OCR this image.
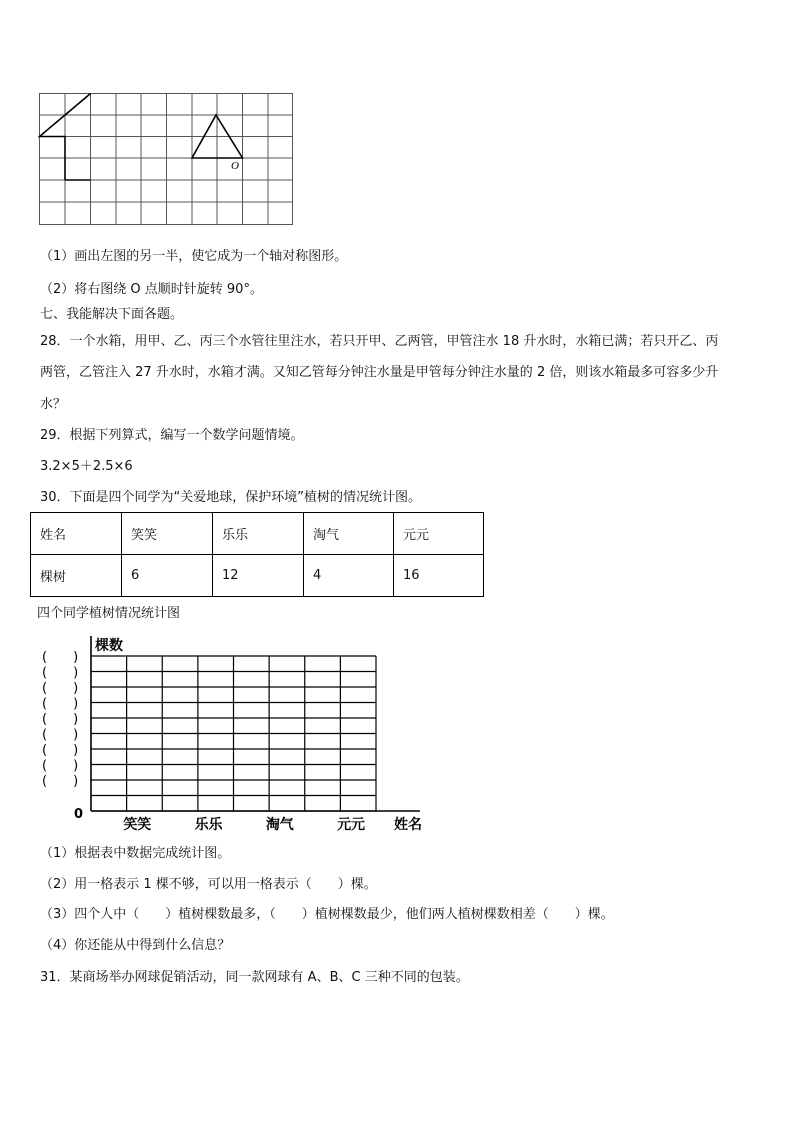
O
（1）画出左图的另一半，使它成为一个轴对称图形。
（2）将右图绕 O 点顺时针旋转 90°。
七、我能解决下面各题。
28．一个水箱，用甲、乙、丙三个水管往里注水，若只开甲、乙两管，甲管注水 18 升水时，水箱已满；若只开乙、丙
两管，乙管注入 27 升水时，水箱才满。又知乙管每分钟注水量是甲管每分钟注水量的 2 倍，则该水箱最多可容多少升
水？
29．根据下列算式，编写一个数学问题情境。
3.2×5＋2.5×6
30．下面是四个同学为“关爱地球，保护环境”植树的情况统计图。
姓名	笑笑	乐乐	淘气	元元
棵树	6	12	4	16
四个同学植树情况统计图
棵数
0
(　　)
(　　)
(　　)
(　　)
(　　)
(　　)
(　　)
(　　)
(　　)
笑笑	乐乐	淘气	元元 姓名
（1）根据表中数据完成统计图。
（2）用一格表示 1 棵不够，可以用一格表示（　　）棵。
（3）四个人中（　　）植树棵数最多，（　　）植树棵数最少，他们两人植树棵数相差（　　）棵。
（4）你还能从中得到什么信息？
31．某商场举办网球促销活动，同一款网球有 A、B、C 三种不同的包装。
